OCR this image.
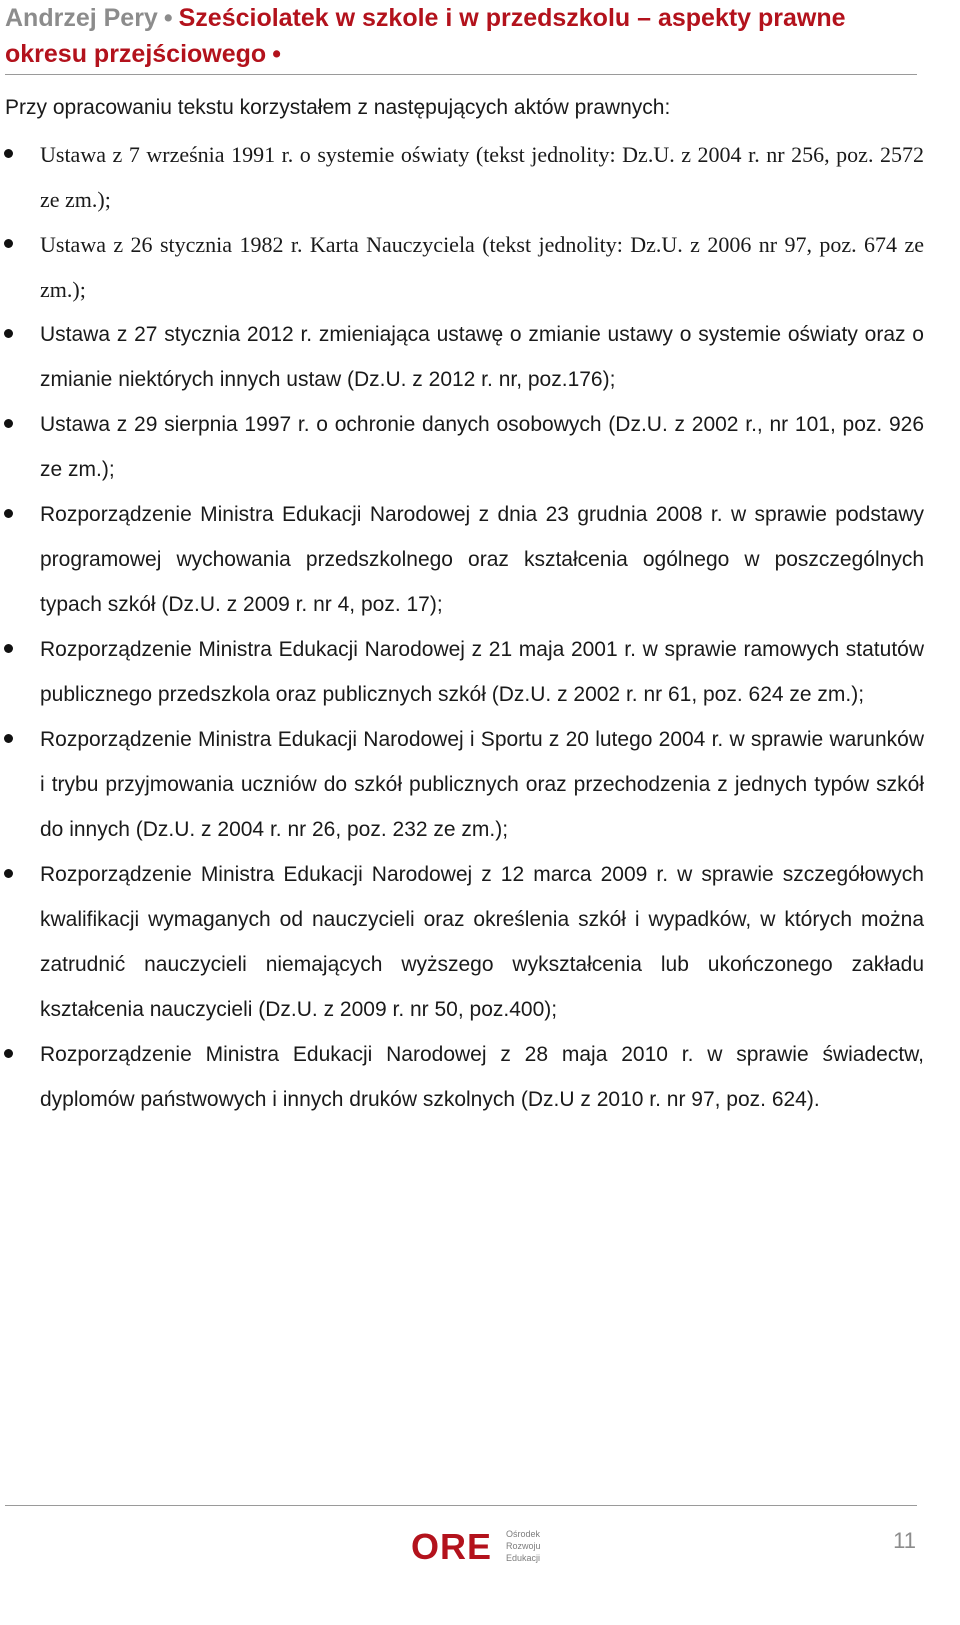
Andrzej Pery • Sześciolatek w szkole i w przedszkolu – aspekty prawne okresu przejściowego •
Przy opracowaniu tekstu korzystałem z następujących aktów prawnych:
Ustawa z 7 września 1991 r. o systemie oświaty (tekst jednolity: Dz.U. z 2004 r. nr 256, poz. 2572 ze zm.);
Ustawa z 26 stycznia 1982 r. Karta Nauczyciela (tekst jednolity: Dz.U. z 2006 nr 97, poz. 674 ze zm.);
Ustawa z 27 stycznia 2012 r. zmieniająca ustawę o zmianie ustawy o systemie oświaty oraz o zmianie niektórych innych ustaw (Dz.U. z 2012 r. nr, poz.176);
Ustawa z 29 sierpnia 1997 r. o ochronie danych osobowych (Dz.U. z 2002 r., nr 101, poz. 926 ze zm.);
Rozporządzenie Ministra Edukacji Narodowej z dnia 23 grudnia 2008 r. w sprawie podstawy programowej wychowania przedszkolnego oraz kształcenia ogólnego w poszczególnych typach szkół (Dz.U. z 2009 r. nr 4, poz. 17);
Rozporządzenie Ministra Edukacji Narodowej z 21 maja 2001 r. w sprawie ramowych statutów publicznego przedszkola oraz publicznych szkół (Dz.U. z 2002 r. nr 61, poz. 624 ze zm.);
Rozporządzenie Ministra Edukacji Narodowej i Sportu z 20 lutego 2004 r. w sprawie warunków i trybu przyjmowania uczniów do szkół publicznych oraz przechodzenia z jednych typów szkół do innych (Dz.U. z 2004 r. nr 26, poz. 232 ze zm.);
Rozporządzenie Ministra Edukacji Narodowej z 12 marca 2009 r. w sprawie szczegółowych kwalifikacji wymaganych od nauczycieli oraz określenia szkół i wypadków, w których można zatrudnić nauczycieli niemających wyższego wykształcenia lub ukończonego zakładu kształcenia nauczycieli (Dz.U. z 2009 r. nr 50, poz.400);
Rozporządzenie Ministra Edukacji Narodowej z 28 maja 2010 r. w sprawie świadectw, dyplomów państwowych i innych druków szkolnych (Dz.U z 2010 r. nr 97, poz. 624).
ORE Ośrodek
Rozwoju
Edukacji
11
